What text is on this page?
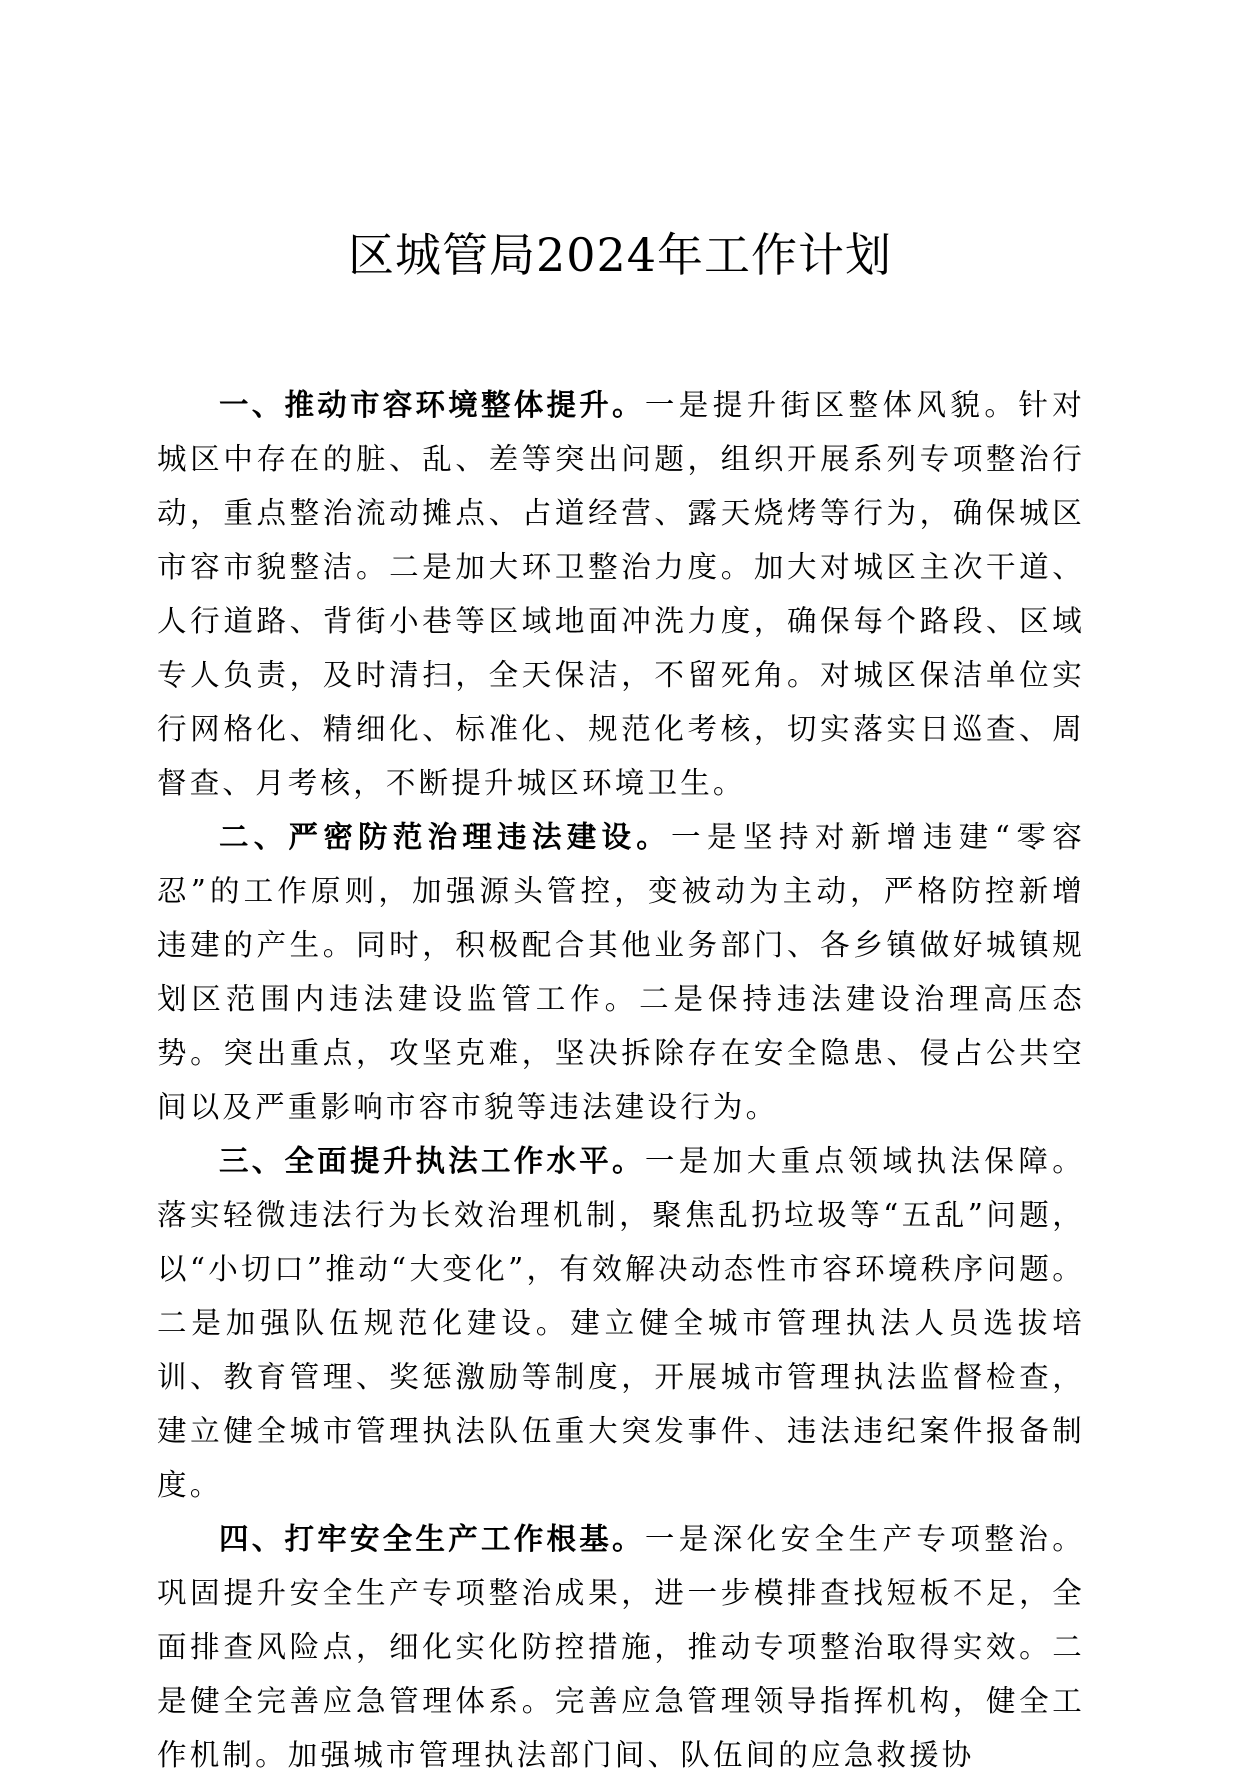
区城管局2024年工作计划

一、推动市容环境整体提升。一是提升街区整体风貌。针对城区中存在的脏、乱、差等突出问题，组织开展系列专项整治行动，重点整治流动摊点、占道经营、露天烧烤等行为，确保城区市容市貌整洁。二是加大环卫整治力度。加大对城区主次干道、人行道路、背街小巷等区域地面冲洗力度，确保每个路段、区域专人负责，及时清扫，全天保洁，不留死角。对城区保洁单位实行网格化、精细化、标准化、规范化考核，切实落实日巡查、周督查、月考核，不断提升城区环境卫生。

二、严密防范治理违法建设。一是坚持对新增违建“零容忍”的工作原则，加强源头管控，变被动为主动，严格防控新增违建的产生。同时，积极配合其他业务部门、各乡镇做好城镇规划区范围内违法建设监管工作。二是保持违法建设治理高压态势。突出重点，攻坚克难，坚决拆除存在安全隐患、侵占公共空间以及严重影响市容市貌等违法建设行为。

三、全面提升执法工作水平。一是加大重点领域执法保障。落实轻微违法行为长效治理机制，聚焦乱扔垃圾等“五乱”问题，以“小切口”推动“大变化”，有效解决动态性市容环境秩序问题。二是加强队伍规范化建设。建立健全城市管理执法人员选拔培训、教育管理、奖惩激励等制度，开展城市管理执法监督检查，建立健全城市管理执法队伍重大突发事件、违法违纪案件报备制度。

四、打牢安全生产工作根基。一是深化安全生产专项整治。巩固提升安全生产专项整治成果，进一步模排查找短板不足，全面排查风险点，细化实化防控措施，推动专项整治取得实效。二是健全完善应急管理体系。完善应急管理领导指挥机构，健全工作机制。加强城市管理执法部门间、队伍间的应急救援协
